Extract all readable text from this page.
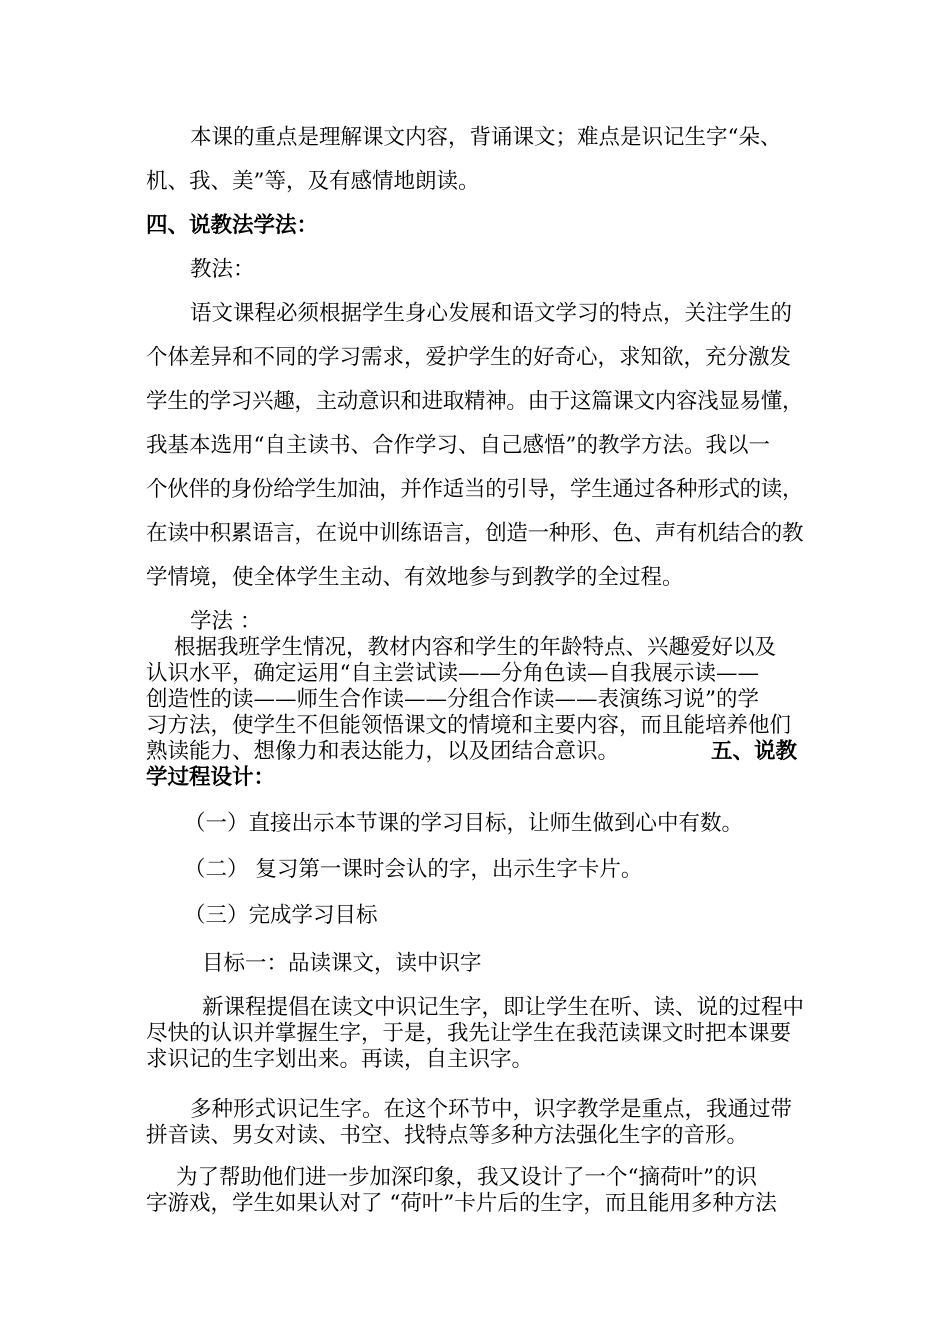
本课的重点是理解课文内容，背诵课文；难点是识记生字“朵、
机、我、美”等，及有感情地朗读。
四、说教法学法：
教法：
语文课程必须根据学生身心发展和语文学习的特点，关注学生的
个体差异和不同的学习需求，爱护学生的好奇心，求知欲，充分激发
学生的学习兴趣，主动意识和进取精神。由于这篇课文内容浅显易懂，
我基本选用“自主读书、合作学习、自己感悟”的教学方法。我以一
个伙伴的身份给学生加油，并作适当的引导，学生通过各种形式的读，
在读中积累语言，在说中训练语言，创造一种形、色、声有机结合的教
学情境，使全体学生主动、有效地参与到教学的全过程。
学法 ：
根据我班学生情况，教材内容和学生的年龄特点、兴趣爱好以及
认识水平，确定运用“自主尝试读——分角色读—自我展示读——
创造性的读——师生合作读——分组合作读——表演练习说”的学
习方法，使学生不但能领悟课文的情境和主要内容，而且能培养他们
熟读能力、想像力和表达能力，以及团结合意识。	五、说教
学过程设计：
（一）直接出示本节课的学习目标，让师生做到心中有数。
（二） 复习第一课时会认的字，出示生字卡片。
（三）完成学习目标
目标一：品读课文，读中识字
新课程提倡在读文中识记生字，即让学生在听、读、说的过程中
尽快的认识并掌握生字，于是，我先让学生在我范读课文时把本课要
求识记的生字划出来。再读，自主识字。
多种形式识记生字。在这个环节中，识字教学是重点，我通过带
拼音读、男女对读、书空、找特点等多种方法强化生字的音形。
为了帮助他们进一步加深印象，我又设计了一个“摘荷叶”的识
字游戏，学生如果认对了 “荷叶”卡片后的生字，而且能用多种方法
